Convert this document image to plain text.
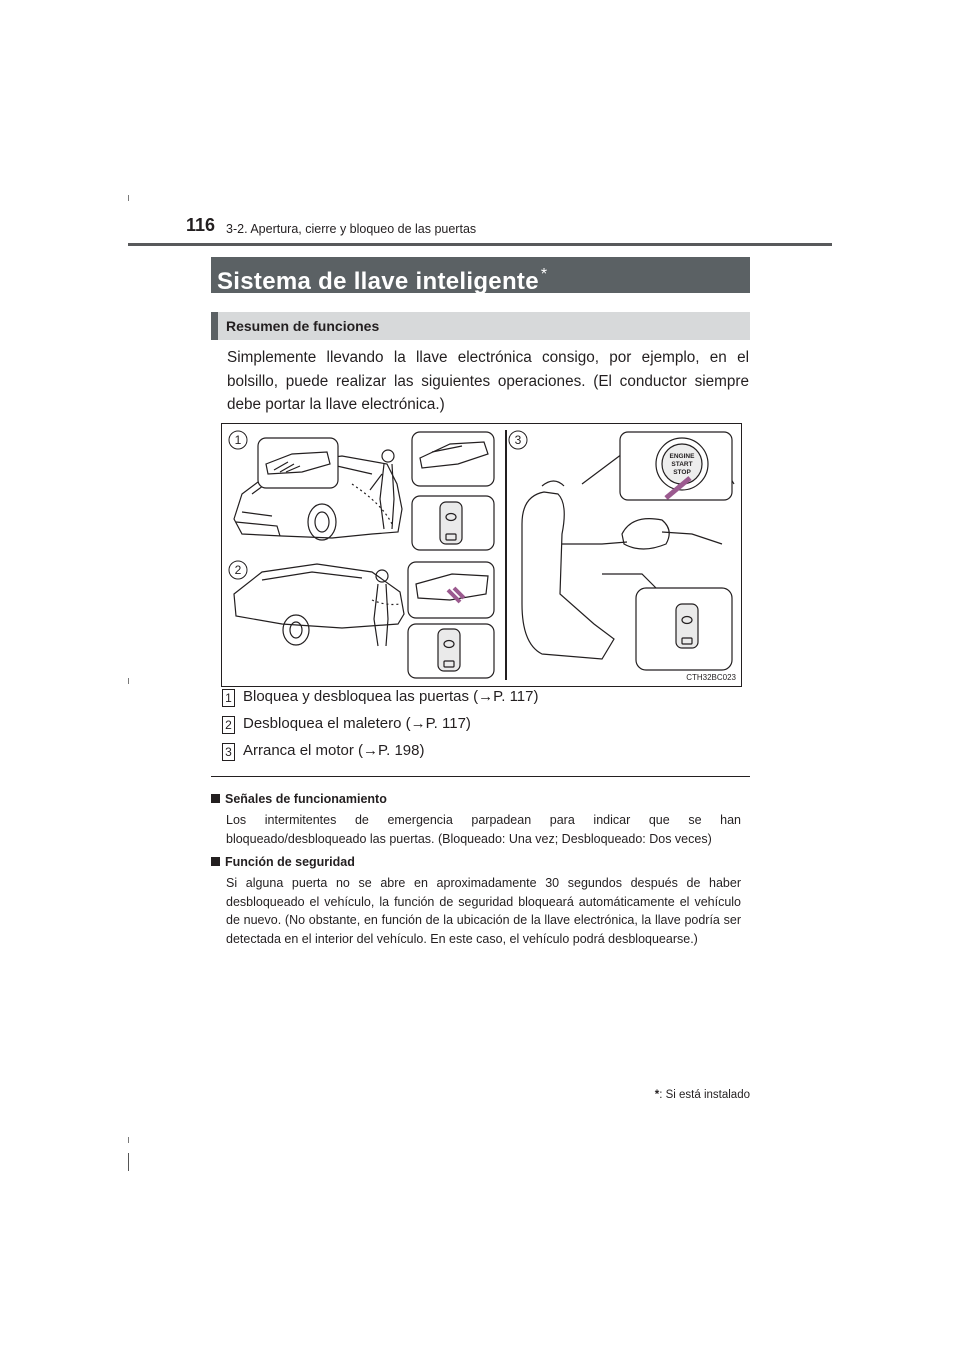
116 3-2. Apertura, cierre y bloqueo de las puertas
Sistema de llave inteligente *
Resumen de funciones
Simplemente llevando la llave electrónica consigo, por ejemplo, en el bolsillo, puede realizar las siguientes operaciones. (El conductor siempre debe portar la llave electrónica.)
1
2
3
ENGINE
START
STOP
CTH32BC023
1 Bloquea y desbloquea las puertas (→P. 117)
2 Desbloquea el maletero (→P. 117)
3 Arranca el motor (→P. 198)
Señales de funcionamiento
Los intermitentes de emergencia parpadean para indicar que se han bloqueado/desbloqueado las puertas. (Bloqueado: Una vez; Desbloqueado: Dos veces)
Función de seguridad
Si alguna puerta no se abre en aproximadamente 30 segundos después de haber desbloqueado el vehículo, la función de seguridad bloqueará automáticamente el vehículo de nuevo. (No obstante, en función de la ubicación de la llave electrónica, la llave podría ser detectada en el interior del vehículo. En este caso, el vehículo podrá desbloquearse.)
*: Si está instalado
